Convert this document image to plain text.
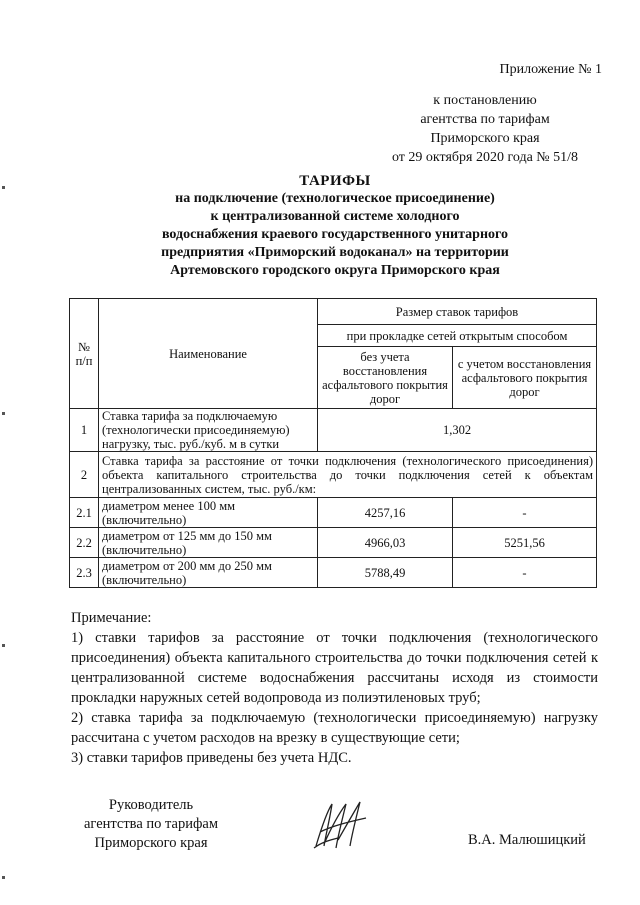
Приложение № 1
к постановлению
агентства по тарифам
Приморского края
от 29 октября 2020 года № 51/8
ТАРИФЫ
на подключение (технологическое присоединение)
к централизованной системе холодного
водоснабжения краевого государственного унитарного
предприятия «Приморский водоканал» на территории
Артемовского городского округа Приморского края
№ п/п	Наименование	Размер ставок тарифов	
		при прокладке сетей открытым способом	
		без учета восстановления асфальтового покрытия дорог	с учетом восстановления асфальтового покрытия дорог
1	Ставка тарифа за подключаемую (технологически присоединяемую) нагрузку, тыс. руб./куб. м в сутки	1,302	
2	Ставка тарифа за расстояние от точки подключения (технологического присоединения) объекта капитального строительства до точки подключения сетей к объектам централизованных систем, тыс. руб./км:		
2.1	диаметром менее 100 мм (включительно)	4257,16	-
2.2	диаметром от 125 мм до 150 мм (включительно)	4966,03	5251,56
2.3	диаметром от 200 мм до 250 мм (включительно)	5788,49	-

Примечание:

1) ставки тарифов за расстояние от точки подключения (технологического присоединения) объекта капитального строительства до точки подключения сетей к централизованной системе водоснабжения рассчитаны исходя из стоимости прокладки наружных сетей водопровода из полиэтиленовых труб;

2) ставка тарифа за подключаемую (технологически присоединяемую) нагрузку рассчитана с учетом расходов на врезку в существующие сети;

3) ставки тарифов приведены без учета НДС.

Руководитель
агентства по тарифам
Приморского края	В.А. Малюшицкий
